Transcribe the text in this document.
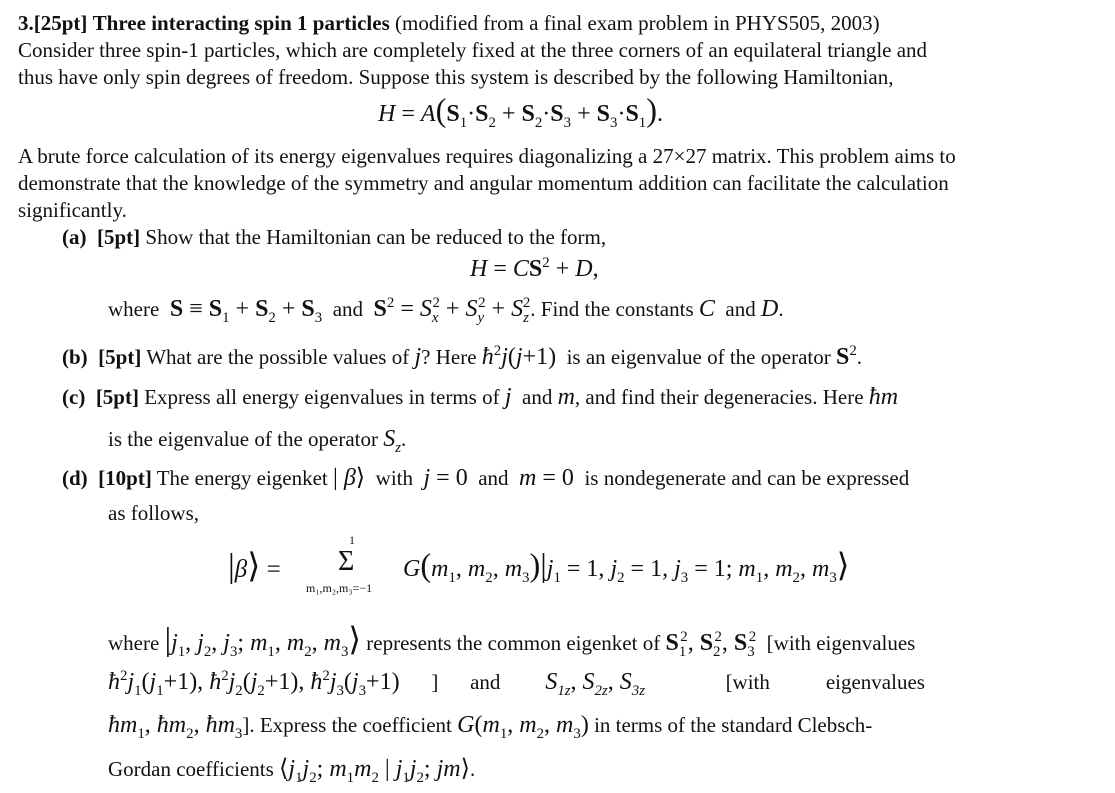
3.[25pt] Three interacting spin 1 particles (modified from a final exam problem in PHYS505, 2003)
Consider three spin-1 particles, which are completely fixed at the three corners of an equilateral triangle and
thus have only spin degrees of freedom. Suppose this system is described by the following Hamiltonian,
$H = A(S_1\cdot S_2 + S_2\cdot S_3 + S_3\cdot S_1)$.
A brute force calculation of its energy eigenvalues requires diagonalizing a 27×27 matrix. This problem aims to
demonstrate that the knowledge of the symmetry and angular momentum addition can facilitate the calculation
significantly.
(a) [5pt] Show that the Hamiltonian can be reduced to the form,
$H = CS^2 + D$,
where $S \equiv S_1 + S_2 + S_3$ and $S^2 = S_x^2 + S_y^2 + S_z^2$. Find the constants C and D.
(b) [5pt] What are the possible values of j? Here $ħ^2j(j+1)$ is an eigenvalue of the operator $S^2$.
(c) [5pt] Express all energy eigenvalues in terms of j and m, and find their degeneracies. Here ħm
is the eigenvalue of the operator $S_z$.
(d) [10pt] The energy eigenket | β⟩ with j = 0 and m = 0 is nondegenerate and can be expressed
as follows,
|β⟩ =
1
Σ
m₁,m₂,m₃=−1
$G(m_1$, $m_2$, $m_3)|j_1 = 1$, $j_2 = 1$, $j_3 = 1$; $m_1$, $m_2$, $m_3⟩$
where $|j_1$, $j_2$, $j_3$; $m_1$, $m_2$, $m_3⟩$ represents the common eigenket of $S_1^2$, $S_2^2$, $S_3^2$ [with eigenvalues
$ħ^2j_1(j_1+1)$, $ħ^2j_2(j_2+1)$, $ħ^2j_3(j_3+1)$ ] and $S_{1z}$, $S_{2z}$, $S_{3z}$	[with	eigenvalues
$ħm_1$, $ħm_2$, $ħm_3$]. Express the coefficient $G(m_1$, $m_2$, $m_3$) in terms of the standard Clebsch-
Gordan coefficients $⟨j_1j_2$; $m_1m_2$ | $j_1j_2$; jm⟩.
